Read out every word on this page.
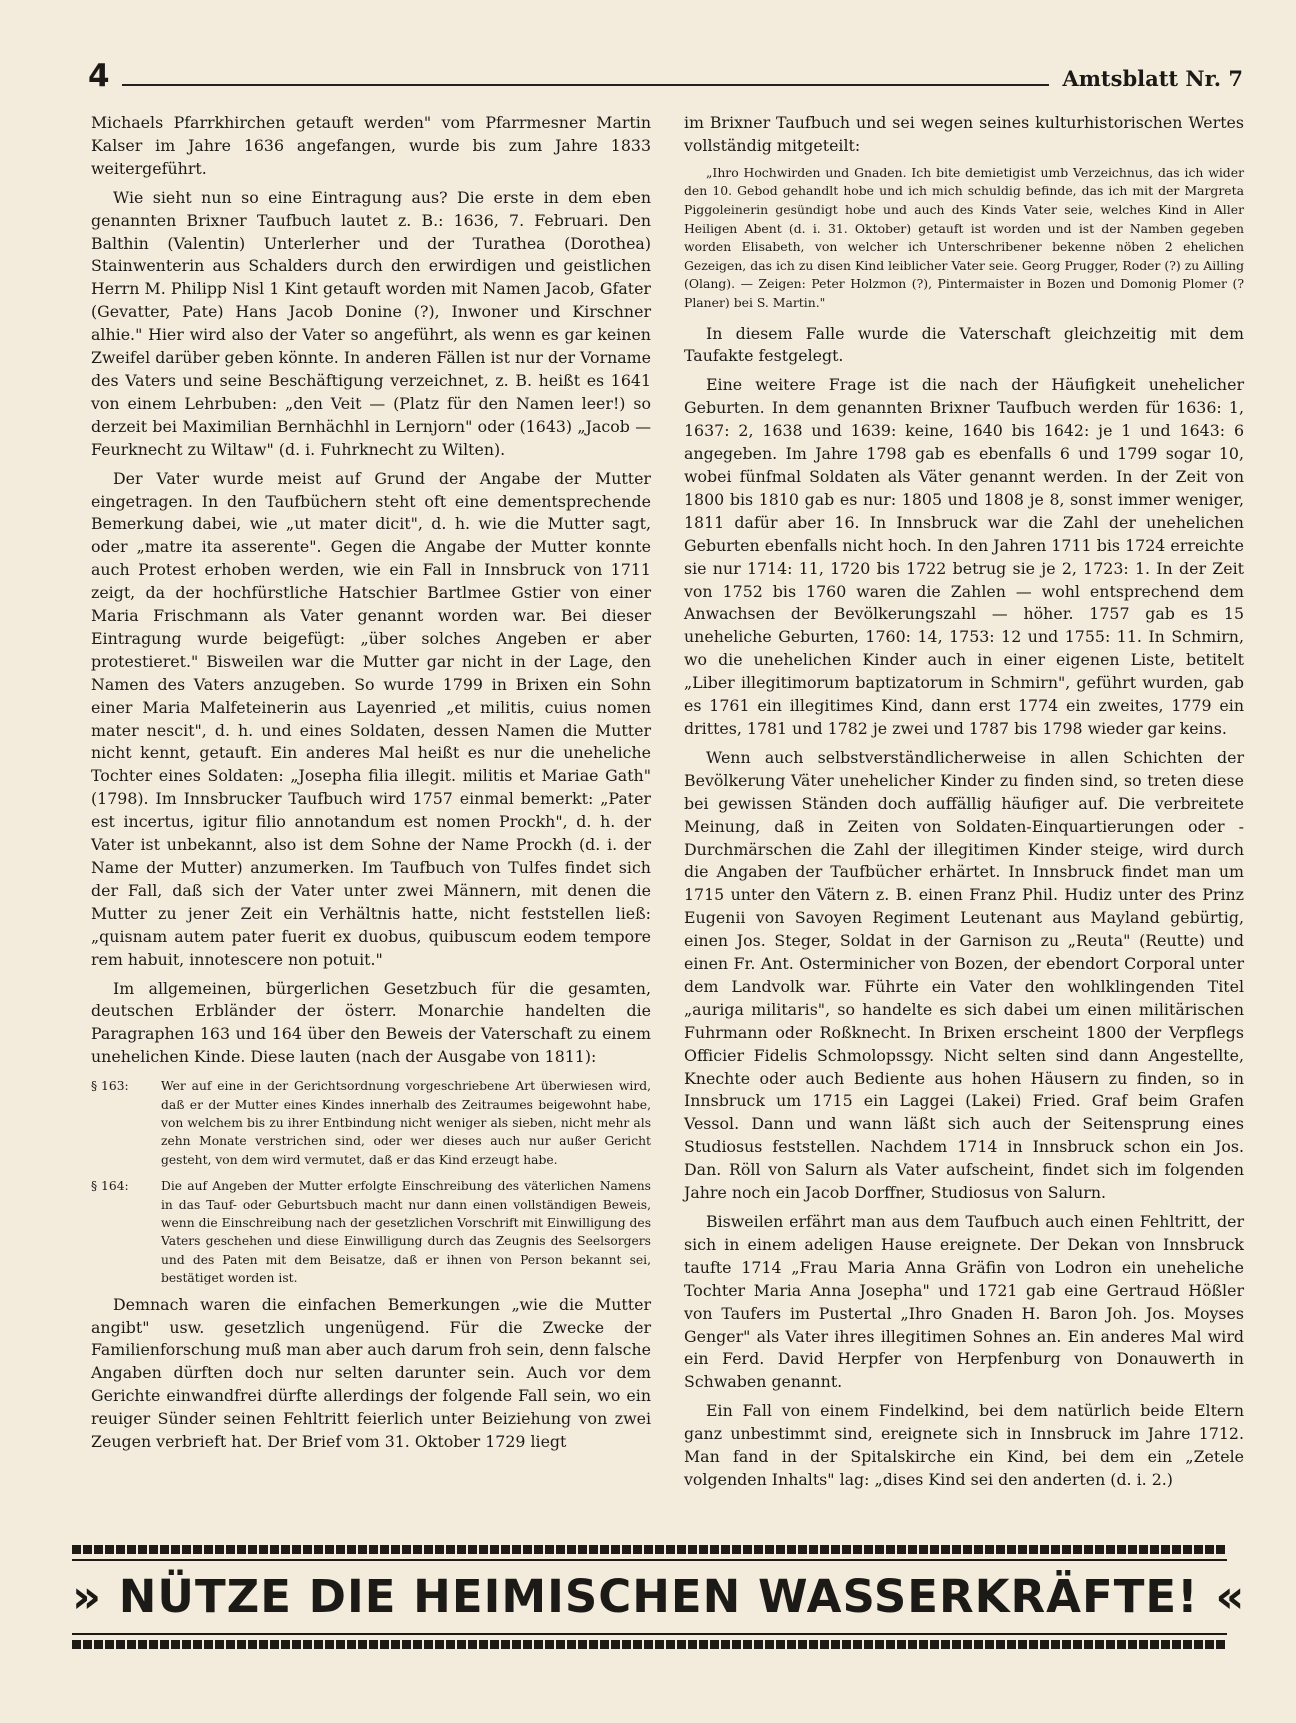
4	Amtsblatt Nr. 7

Michaels Pfarrkhirchen getauft werden" vom Pfarrmesner Martin Kalser im Jahre 1636 angefangen, wurde bis zum Jahre 1833 weitergeführt.

Wie sieht nun so eine Eintragung aus? Die erste in dem eben genannten Brixner Taufbuch lautet z. B.: 1636, 7. Februari. Den Balthin (Valentin) Unterlerher und der Turathea (Dorothea) Stainwenterin aus Schalders durch den erwirdigen und geistlichen Herrn M. Philipp Nisl 1 Kint getauft worden mit Namen Jacob, Gfater (Gevatter, Pate) Hans Jacob Donine (?), Inwoner und Kirschner alhie." Hier wird also der Vater so angeführt, als wenn es gar keinen Zweifel darüber geben könnte. In anderen Fällen ist nur der Vorname des Vaters und seine Beschäftigung verzeichnet, z. B. heißt es 1641 von einem Lehrbuben: „den Veit — (Platz für den Namen leer!) so derzeit bei Maximilian Bernhächhl in Lernjorn" oder (1643) „Jacob — Feurknecht zu Wiltaw" (d. i. Fuhrknecht zu Wilten).

Der Vater wurde meist auf Grund der Angabe der Mutter eingetragen. In den Taufbüchern steht oft eine dementsprechende Bemerkung dabei, wie „ut mater dicit", d. h. wie die Mutter sagt, oder „matre ita asserente". Gegen die Angabe der Mutter konnte auch Protest erhoben werden, wie ein Fall in Innsbruck von 1711 zeigt, da der hochfürstliche Hatschier Bartlmee Gstier von einer Maria Frischmann als Vater genannt worden war. Bei dieser Eintragung wurde beigefügt: „über solches Angeben er aber protestieret." Bisweilen war die Mutter gar nicht in der Lage, den Namen des Vaters anzugeben. So wurde 1799 in Brixen ein Sohn einer Maria Malfeteinerin aus Layenried „et militis, cuius nomen mater nescit", d. h. und eines Soldaten, dessen Namen die Mutter nicht kennt, getauft. Ein anderes Mal heißt es nur die uneheliche Tochter eines Soldaten: „Josepha filia illegit. militis et Mariae Gath" (1798). Im Innsbrucker Taufbuch wird 1757 einmal bemerkt: „Pater est incertus, igitur filio annotandum est nomen Prockh", d. h. der Vater ist unbekannt, also ist dem Sohne der Name Prockh (d. i. der Name der Mutter) anzumerken. Im Taufbuch von Tulfes findet sich der Fall, daß sich der Vater unter zwei Männern, mit denen die Mutter zu jener Zeit ein Verhältnis hatte, nicht feststellen ließ: „quisnam autem pater fuerit ex duobus, quibuscum eodem tempore rem habuit, innotescere non potuit."

Im allgemeinen, bürgerlichen Gesetzbuch für die gesamten, deutschen Erbländer der österr. Monarchie handelten die Paragraphen 163 und 164 über den Beweis der Vaterschaft zu einem unehelichen Kinde. Diese lauten (nach der Ausgabe von 1811):

§ 163:	Wer auf eine in der Gerichtsordnung vorgeschriebene Art überwiesen wird, daß er der Mutter eines Kindes innerhalb des Zeitraumes beigewohnt habe, von welchem bis zu ihrer Entbindung nicht weniger als sieben, nicht mehr als zehn Monate verstrichen sind, oder wer dieses auch nur außer Gericht gesteht, von dem wird vermutet, daß er das Kind erzeugt habe.
§ 164:	Die auf Angeben der Mutter erfolgte Einschreibung des väterlichen Namens in das Tauf- oder Geburtsbuch macht nur dann einen vollständigen Beweis, wenn die Einschreibung nach der gesetzlichen Vorschrift mit Einwilligung des Vaters geschehen und diese Einwilligung durch das Zeugnis des Seelsorgers und des Paten mit dem Beisatze, daß er ihnen von Person bekannt sei, bestätiget worden ist.

Demnach waren die einfachen Bemerkungen „wie die Mutter angibt" usw. gesetzlich ungenügend. Für die Zwecke der Familienforschung muß man aber auch darum froh sein, denn falsche Angaben dürften doch nur selten darunter sein. Auch vor dem Gerichte einwandfrei dürfte allerdings der folgende Fall sein, wo ein reuiger Sünder seinen Fehltritt feierlich unter Beiziehung von zwei Zeugen verbrieft hat. Der Brief vom 31. Oktober 1729 liegt

im Brixner Taufbuch und sei wegen seines kulturhistorischen Wertes vollständig mitgeteilt:

„Ihro Hochwirden und Gnaden. Ich bite demietigist umb Verzeichnus, das ich wider den 10. Gebod gehandlt hobe und ich mich schuldig befinde, das ich mit der Margreta Piggoleinerin gesündigt hobe und auch des Kinds Vater seie, welches Kind in Aller Heiligen Abent (d. i. 31. Oktober) getauft ist worden und ist der Namben gegeben worden Elisabeth, von welcher ich Unterschribener bekenne nöben 2 ehelichen Gezeigen, das ich zu disen Kind leiblicher Vater seie. Georg Prugger, Roder (?) zu Ailling (Olang). — Zeigen: Peter Holzmon (?), Pintermaister in Bozen und Domonig Plomer (? Planer) bei S. Martin."

In diesem Falle wurde die Vaterschaft gleichzeitig mit dem Taufakte festgelegt.

Eine weitere Frage ist die nach der Häufigkeit unehelicher Geburten. In dem genannten Brixner Taufbuch werden für 1636: 1, 1637: 2, 1638 und 1639: keine, 1640 bis 1642: je 1 und 1643: 6 angegeben. Im Jahre 1798 gab es ebenfalls 6 und 1799 sogar 10, wobei fünfmal Soldaten als Väter genannt werden. In der Zeit von 1800 bis 1810 gab es nur: 1805 und 1808 je 8, sonst immer weniger, 1811 dafür aber 16. In Innsbruck war die Zahl der unehelichen Geburten ebenfalls nicht hoch. In den Jahren 1711 bis 1724 erreichte sie nur 1714: 11, 1720 bis 1722 betrug sie je 2, 1723: 1. In der Zeit von 1752 bis 1760 waren die Zahlen — wohl entsprechend dem Anwachsen der Bevölkerungszahl — höher. 1757 gab es 15 uneheliche Geburten, 1760: 14, 1753: 12 und 1755: 11. In Schmirn, wo die unehelichen Kinder auch in einer eigenen Liste, betitelt „Liber illegitimorum baptizatorum in Schmirn", geführt wurden, gab es 1761 ein illegitimes Kind, dann erst 1774 ein zweites, 1779 ein drittes, 1781 und 1782 je zwei und 1787 bis 1798 wieder gar keins.

Wenn auch selbstverständlicherweise in allen Schichten der Bevölkerung Väter unehelicher Kinder zu finden sind, so treten diese bei gewissen Ständen doch auffällig häufiger auf. Die verbreitete Meinung, daß in Zeiten von Soldaten-Einquartierungen oder -Durchmärschen die Zahl der illegitimen Kinder steige, wird durch die Angaben der Taufbücher erhärtet. In Innsbruck findet man um 1715 unter den Vätern z. B. einen Franz Phil. Hudiz unter des Prinz Eugenii von Savoyen Regiment Leutenant aus Mayland gebürtig, einen Jos. Steger, Soldat in der Garnison zu „Reuta" (Reutte) und einen Fr. Ant. Osterminicher von Bozen, der ebendort Corporal unter dem Landvolk war. Führte ein Vater den wohlklingenden Titel „auriga militaris", so handelte es sich dabei um einen militärischen Fuhrmann oder Roßknecht. In Brixen erscheint 1800 der Verpflegs Officier Fidelis Schmolopssgy. Nicht selten sind dann Angestellte, Knechte oder auch Bediente aus hohen Häusern zu finden, so in Innsbruck um 1715 ein Laggei (Lakei) Fried. Graf beim Grafen Vessol. Dann und wann läßt sich auch der Seitensprung eines Studiosus feststellen. Nachdem 1714 in Innsbruck schon ein Jos. Dan. Röll von Salurn als Vater aufscheint, findet sich im folgenden Jahre noch ein Jacob Dorffner, Studiosus von Salurn.

Bisweilen erfährt man aus dem Taufbuch auch einen Fehltritt, der sich in einem adeligen Hause ereignete. Der Dekan von Innsbruck taufte 1714 „Frau Maria Anna Gräfin von Lodron ein uneheliche Tochter Maria Anna Josepha" und 1721 gab eine Gertraud Hößler von Taufers im Pustertal „Ihro Gnaden H. Baron Joh. Jos. Moyses Genger" als Vater ihres illegitimen Sohnes an. Ein anderes Mal wird ein Ferd. David Herpfer von Herpfenburg von Donauwerth in Schwaben genannt.

Ein Fall von einem Findelkind, bei dem natürlich beide Eltern ganz unbestimmt sind, ereignete sich in Innsbruck im Jahre 1712. Man fand in der Spitalskirche ein Kind, bei dem ein „Zetele volgenden Inhalts" lag: „dises Kind sei den anderten (d. i. 2.)

» NÜTZE DIE HEIMISCHEN WASSERKRÄFTE! «
